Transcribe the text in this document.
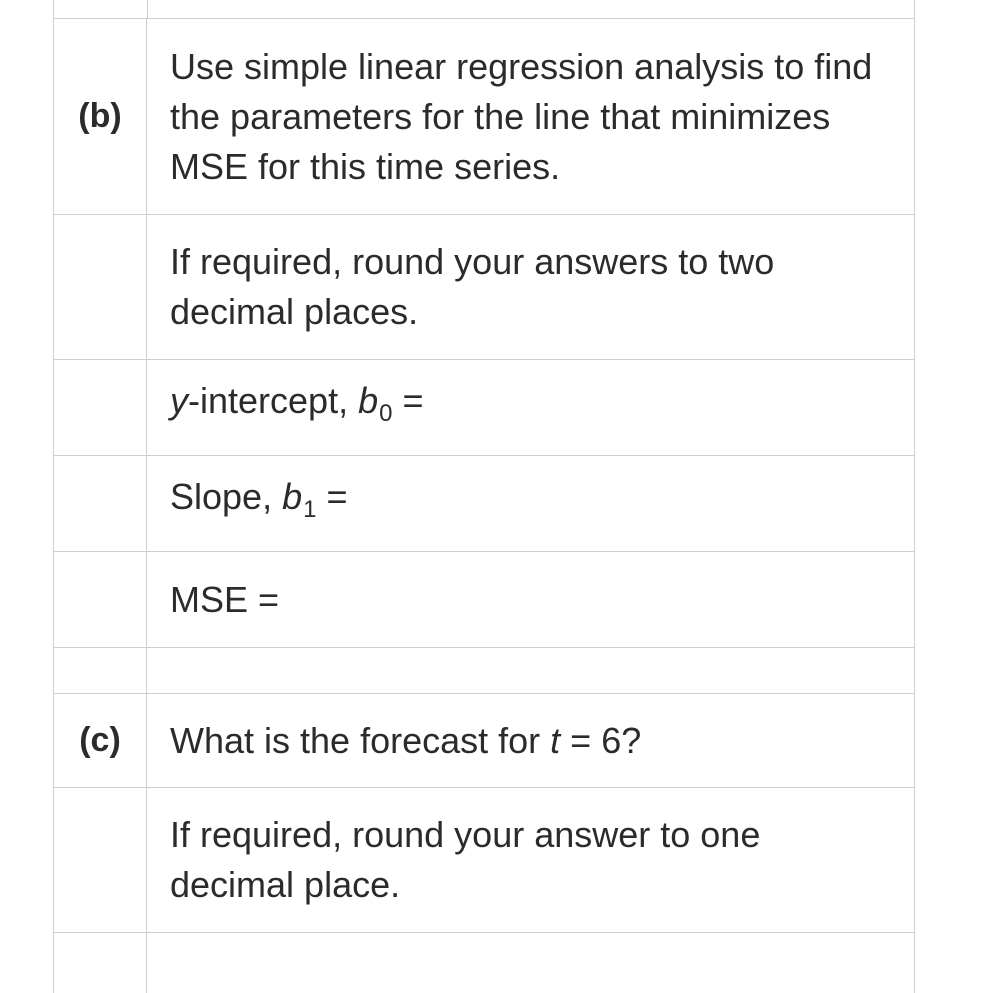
(b)
Use simple linear regression analysis to find the parameters for the line that minimizes MSE for this time series.
If required, round your answers to two decimal places.
y-intercept, $b_0$ =
Slope, $b_1$ =
MSE =
(c)	What is the forecast for t = 6?
If required, round your answer to one decimal place.
